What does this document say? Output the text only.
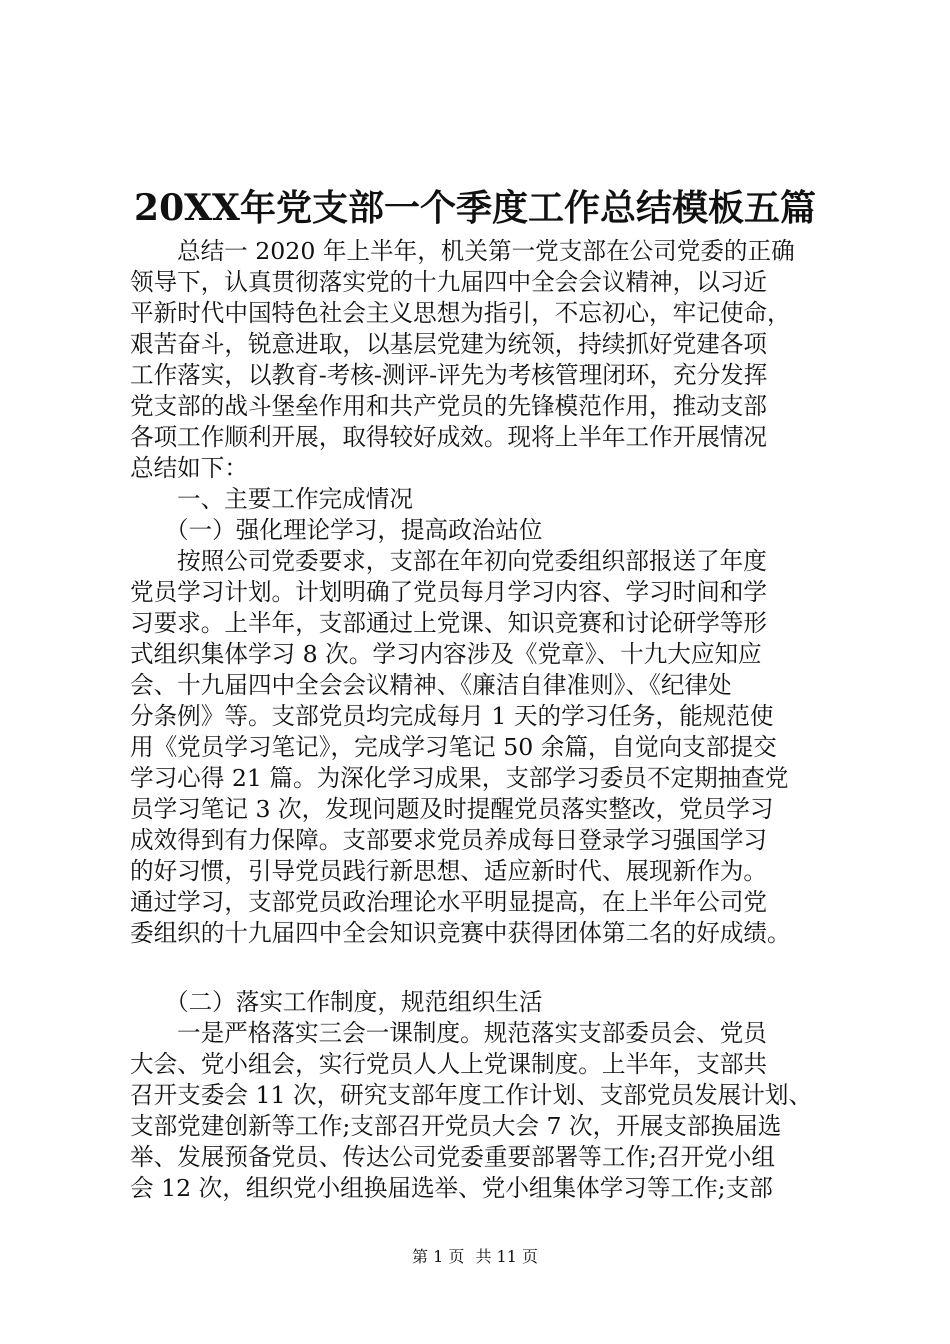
20XX年党支部一个季度工作总结模板五篇
总结一 2020 年上半年，机关第一党支部在公司党委的正确
领导下，认真贯彻落实党的十九届四中全会会议精神，以习近
平新时代中国特色社会主义思想为指引，不忘初心，牢记使命，
艰苦奋斗，锐意进取，以基层党建为统领，持续抓好党建各项
工作落实，以教育-考核-测评-评先为考核管理闭环，充分发挥
党支部的战斗堡垒作用和共产党员的先锋模范作用，推动支部
各项工作顺利开展，取得较好成效。现将上半年工作开展情况
总结如下：
一、主要工作完成情况
（一）强化理论学习，提高政治站位
按照公司党委要求，支部在年初向党委组织部报送了年度
党员学习计划。计划明确了党员每月学习内容、学习时间和学
习要求。上半年，支部通过上党课、知识竞赛和讨论研学等形
式组织集体学习 8 次。学习内容涉及《党章》、十九大应知应
会、十九届四中全会会议精神、《廉洁自律准则》、《纪律处
分条例》等。支部党员均完成每月 1 天的学习任务，能规范使
用《党员学习笔记》，完成学习笔记 50 余篇，自觉向支部提交
学习心得 21 篇。为深化学习成果，支部学习委员不定期抽查党
员学习笔记 3 次，发现问题及时提醒党员落实整改，党员学习
成效得到有力保障。支部要求党员养成每日登录学习强国学习
的好习惯，引导党员践行新思想、适应新时代、展现新作为。
通过学习，支部党员政治理论水平明显提高，在上半年公司党
委组织的十九届四中全会知识竞赛中获得团体第二名的好成绩。
（二）落实工作制度，规范组织生活
一是严格落实三会一课制度。规范落实支部委员会、党员
大会、党小组会，实行党员人人上党课制度。上半年，支部共
召开支委会 11 次，研究支部年度工作计划、支部党员发展计划、
支部党建创新等工作;支部召开党员大会 7 次，开展支部换届选
举、发展预备党员、传达公司党委重要部署等工作;召开党小组
会 12 次，组织党小组换届选举、党小组集体学习等工作;支部
第 1 页 共 11 页
